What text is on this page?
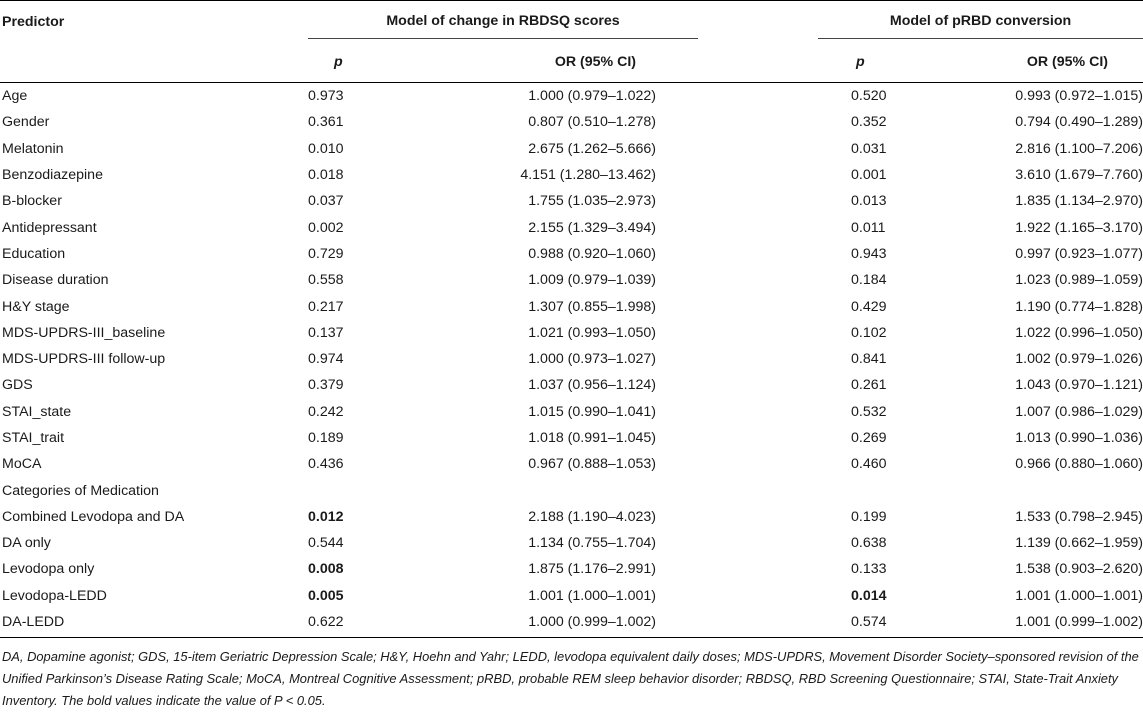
Predictor	Model of change in RBDSQ scores			Model of pRBD conversion	

	p	OR (95% CI)		p	OR (95% CI)
Age	0.973	1.000 (0.979–1.022)		0.520	0.993 (0.972–1.015)
Gender	0.361	0.807 (0.510–1.278)		0.352	0.794 (0.490–1.289)
Melatonin	0.010	2.675 (1.262–5.666)		0.031	2.816 (1.100–7.206)
Benzodiazepine	0.018	4.151 (1.280–13.462)		0.001	3.610 (1.679–7.760)
B-blocker	0.037	1.755 (1.035–2.973)		0.013	1.835 (1.134–2.970)
Antidepressant	0.002	2.155 (1.329–3.494)		0.011	1.922 (1.165–3.170)
Education	0.729	0.988 (0.920–1.060)		0.943	0.997 (0.923–1.077)
Disease duration	0.558	1.009 (0.979–1.039)		0.184	1.023 (0.989–1.059)
H&Y stage	0.217	1.307 (0.855–1.998)		0.429	1.190 (0.774–1.828)
MDS-UPDRS-III_baseline	0.137	1.021 (0.993–1.050)		0.102	1.022 (0.996–1.050)
MDS-UPDRS-III follow-up	0.974	1.000 (0.973–1.027)		0.841	1.002 (0.979–1.026)
GDS	0.379	1.037 (0.956–1.124)		0.261	1.043 (0.970–1.121)
STAI_state	0.242	1.015 (0.990–1.041)		0.532	1.007 (0.986–1.029)
STAI_trait	0.189	1.018 (0.991–1.045)		0.269	1.013 (0.990–1.036)
MoCA	0.436	0.967 (0.888–1.053)		0.460	0.966 (0.880–1.060)
Categories of Medication					
Combined Levodopa and DA	0.012	2.188 (1.190–4.023)		0.199	1.533 (0.798–2.945)
DA only	0.544	1.134 (0.755–1.704)		0.638	1.139 (0.662–1.959)
Levodopa only	0.008	1.875 (1.176–2.991)		0.133	1.538 (0.903–2.620)
Levodopa-LEDD	0.005	1.001 (1.000–1.001)		0.014	1.001 (1.000–1.001)
DA-LEDD	0.622	1.000 (0.999–1.002)		0.574	1.001 (0.999–1.002)
DA, Dopamine agonist; GDS, 15-item Geriatric Depression Scale; H&Y, Hoehn and Yahr; LEDD, levodopa equivalent daily doses; MDS-UPDRS, Movement Disorder Society–sponsored revision of the Unified Parkinson’s Disease Rating Scale; MoCA, Montreal Cognitive Assessment; pRBD, probable REM sleep behavior disorder; RBDSQ, RBD Screening Questionnaire; STAI, State-Trait Anxiety Inventory. The bold values indicate the value of P < 0.05.
